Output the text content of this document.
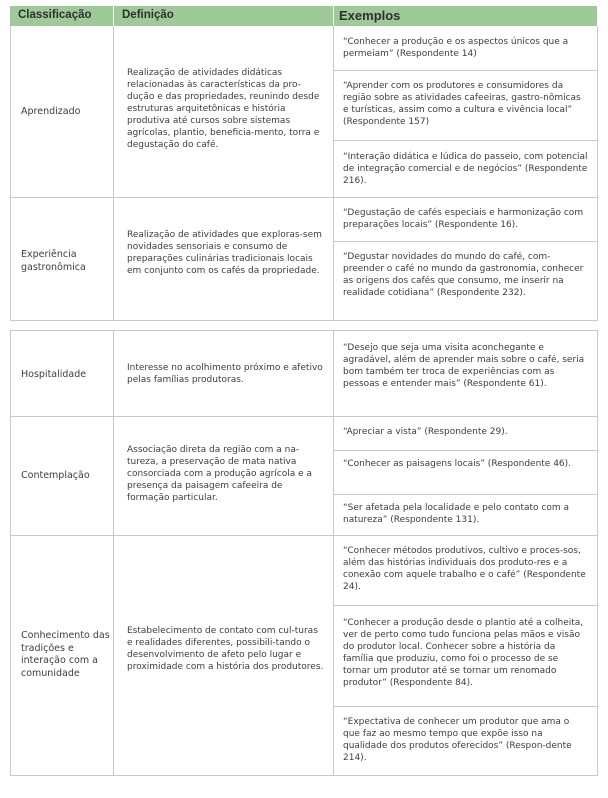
Classificação	Definição	Exemplos
Aprendizado
Realização de atividades didáticas relacionadas às características da pro-dução e das propriedades, reunindo desde estruturas arquitetônicas e história produtiva até cursos sobre sistemas agrícolas, plantio, beneficia-mento, torra e degustação do café.
“Conhecer a produção e os aspectos únicos que a permeiam” (Respondente 14)
“Aprender com os produtores e consumidores da região sobre as atividades cafeeiras, gastro-nômicas e turísticas, assim como a cultura e vivência local” (Respondente 157)
“Interação didática e lúdica do passeio, com potencial de integração comercial e de negócios” (Respondente 216).
Experiência gastronômica
Realização de atividades que exploras-sem novidades sensoriais e consumo de preparações culinárias tradicionais locais em conjunto com os cafés da propriedade.
“Degustação de cafés especiais e harmonização com preparações locais” (Respondente 16).
“Degustar novidades do mundo do café, com-preender o café no mundo da gastronomia, conhecer as origens dos cafés que consumo, me inserir na realidade cotidiana” (Respondente 232).
Hospitalidade
Interesse no acolhimento próximo e afetivo pelas famílias produtoras.
“Desejo que seja uma visita aconchegante e agradável, além de aprender mais sobre o café, seria bom também ter troca de experiências com as pessoas e entender mais” (Respondente 61).
Contemplação
Associação direta da região com a na-tureza, a preservação de mata nativa consorciada com a produção agrícola e a presença da paisagem cafeeira de formação particular.
“Apreciar a vista” (Respondente 29).
“Conhecer as paisagens locais” (Respondente 46).
“Ser afetada pela localidade e pelo contato com a natureza” (Respondente 131).
Conhecimento das tradições e interação com a comunidade
Estabelecimento de contato com cul-turas e realidades diferentes, possibili-tando o desenvolvimento de afeto pelo lugar e proximidade com a história dos produtores.
“Conhecer métodos produtivos, cultivo e proces-sos, além das histórias individuais dos produto-res e a conexão com aquele trabalho e o café” (Respondente 24).
“Conhecer a produção desde o plantio até a colheita, ver de perto como tudo funciona pelas mãos e visão do produtor local. Conhecer sobre a história da família que produziu, como foi o processo de se tornar um produtor até se tornar um renomado produtor” (Respondente 84).
“Expectativa de conhecer um produtor que ama o que faz ao mesmo tempo que expõe isso na qualidade dos produtos oferecidos” (Respon-dente 214).
